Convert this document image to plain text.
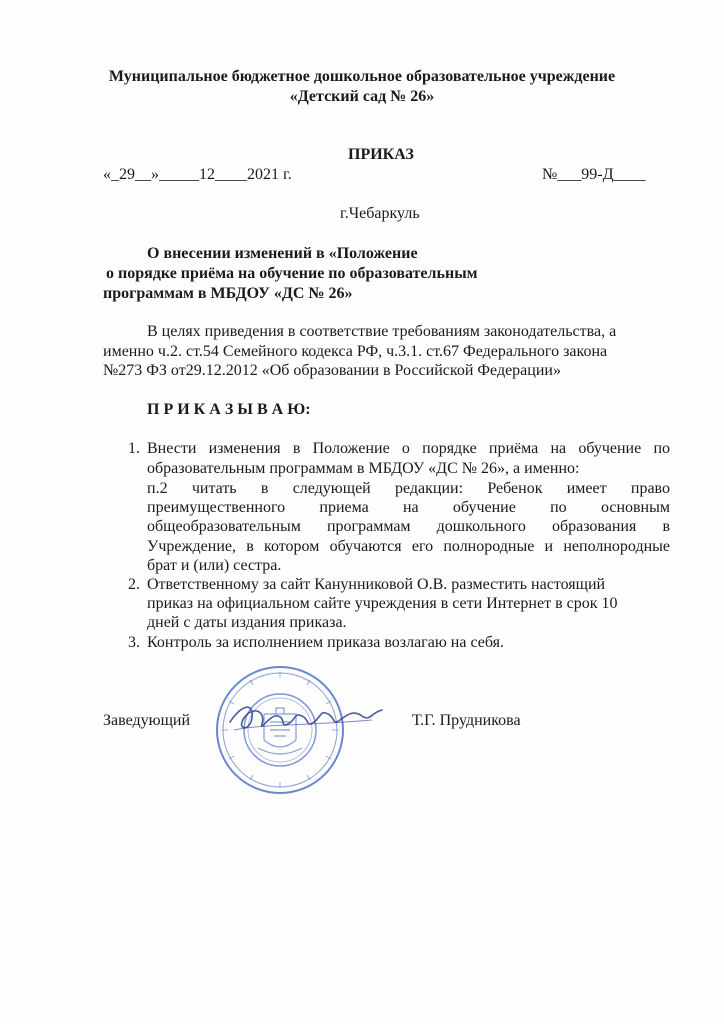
Муниципальное бюджетное дошкольное образовательное учреждение
«Детский сад № 26»
ПРИКАЗ
«_29__»_____12____2021 г.	№___99-Д____
г.Чебаркуль
О внесении изменений в «Положение
о порядке приёма на обучение по образовательным
программам в МБДОУ «ДС № 26»
В целях приведения в соответствие требованиям законодательства, а
именно ч.2. ст.54 Семейного кодекса РФ, ч.3.1. ст.67 Федерального закона
№273 ФЗ от29.12.2012 «Об образовании в Российской Федерации»
П Р И К А З Ы В А Ю:
1. Внести изменения в Положение о порядке приёма на обучение по
образовательным программам в МБДОУ «ДС № 26», а именно:
п.2 читать в следующей редакции: Ребенок имеет право
преимущественного приема на обучение по основным
общеобразовательным программам дошкольного образования в
Учреждение, в котором обучаются его полнородные и неполнородные
брат и (или) сестра.
2. Ответственному за сайт Канунниковой О.В. разместить настоящий
приказ на официальном сайте учреждения в сети Интернет в срок 10
дней с даты издания приказа.
3. Контроль за исполнением приказа возлагаю на себя.
Заведующий	Т.Г. Прудникова
